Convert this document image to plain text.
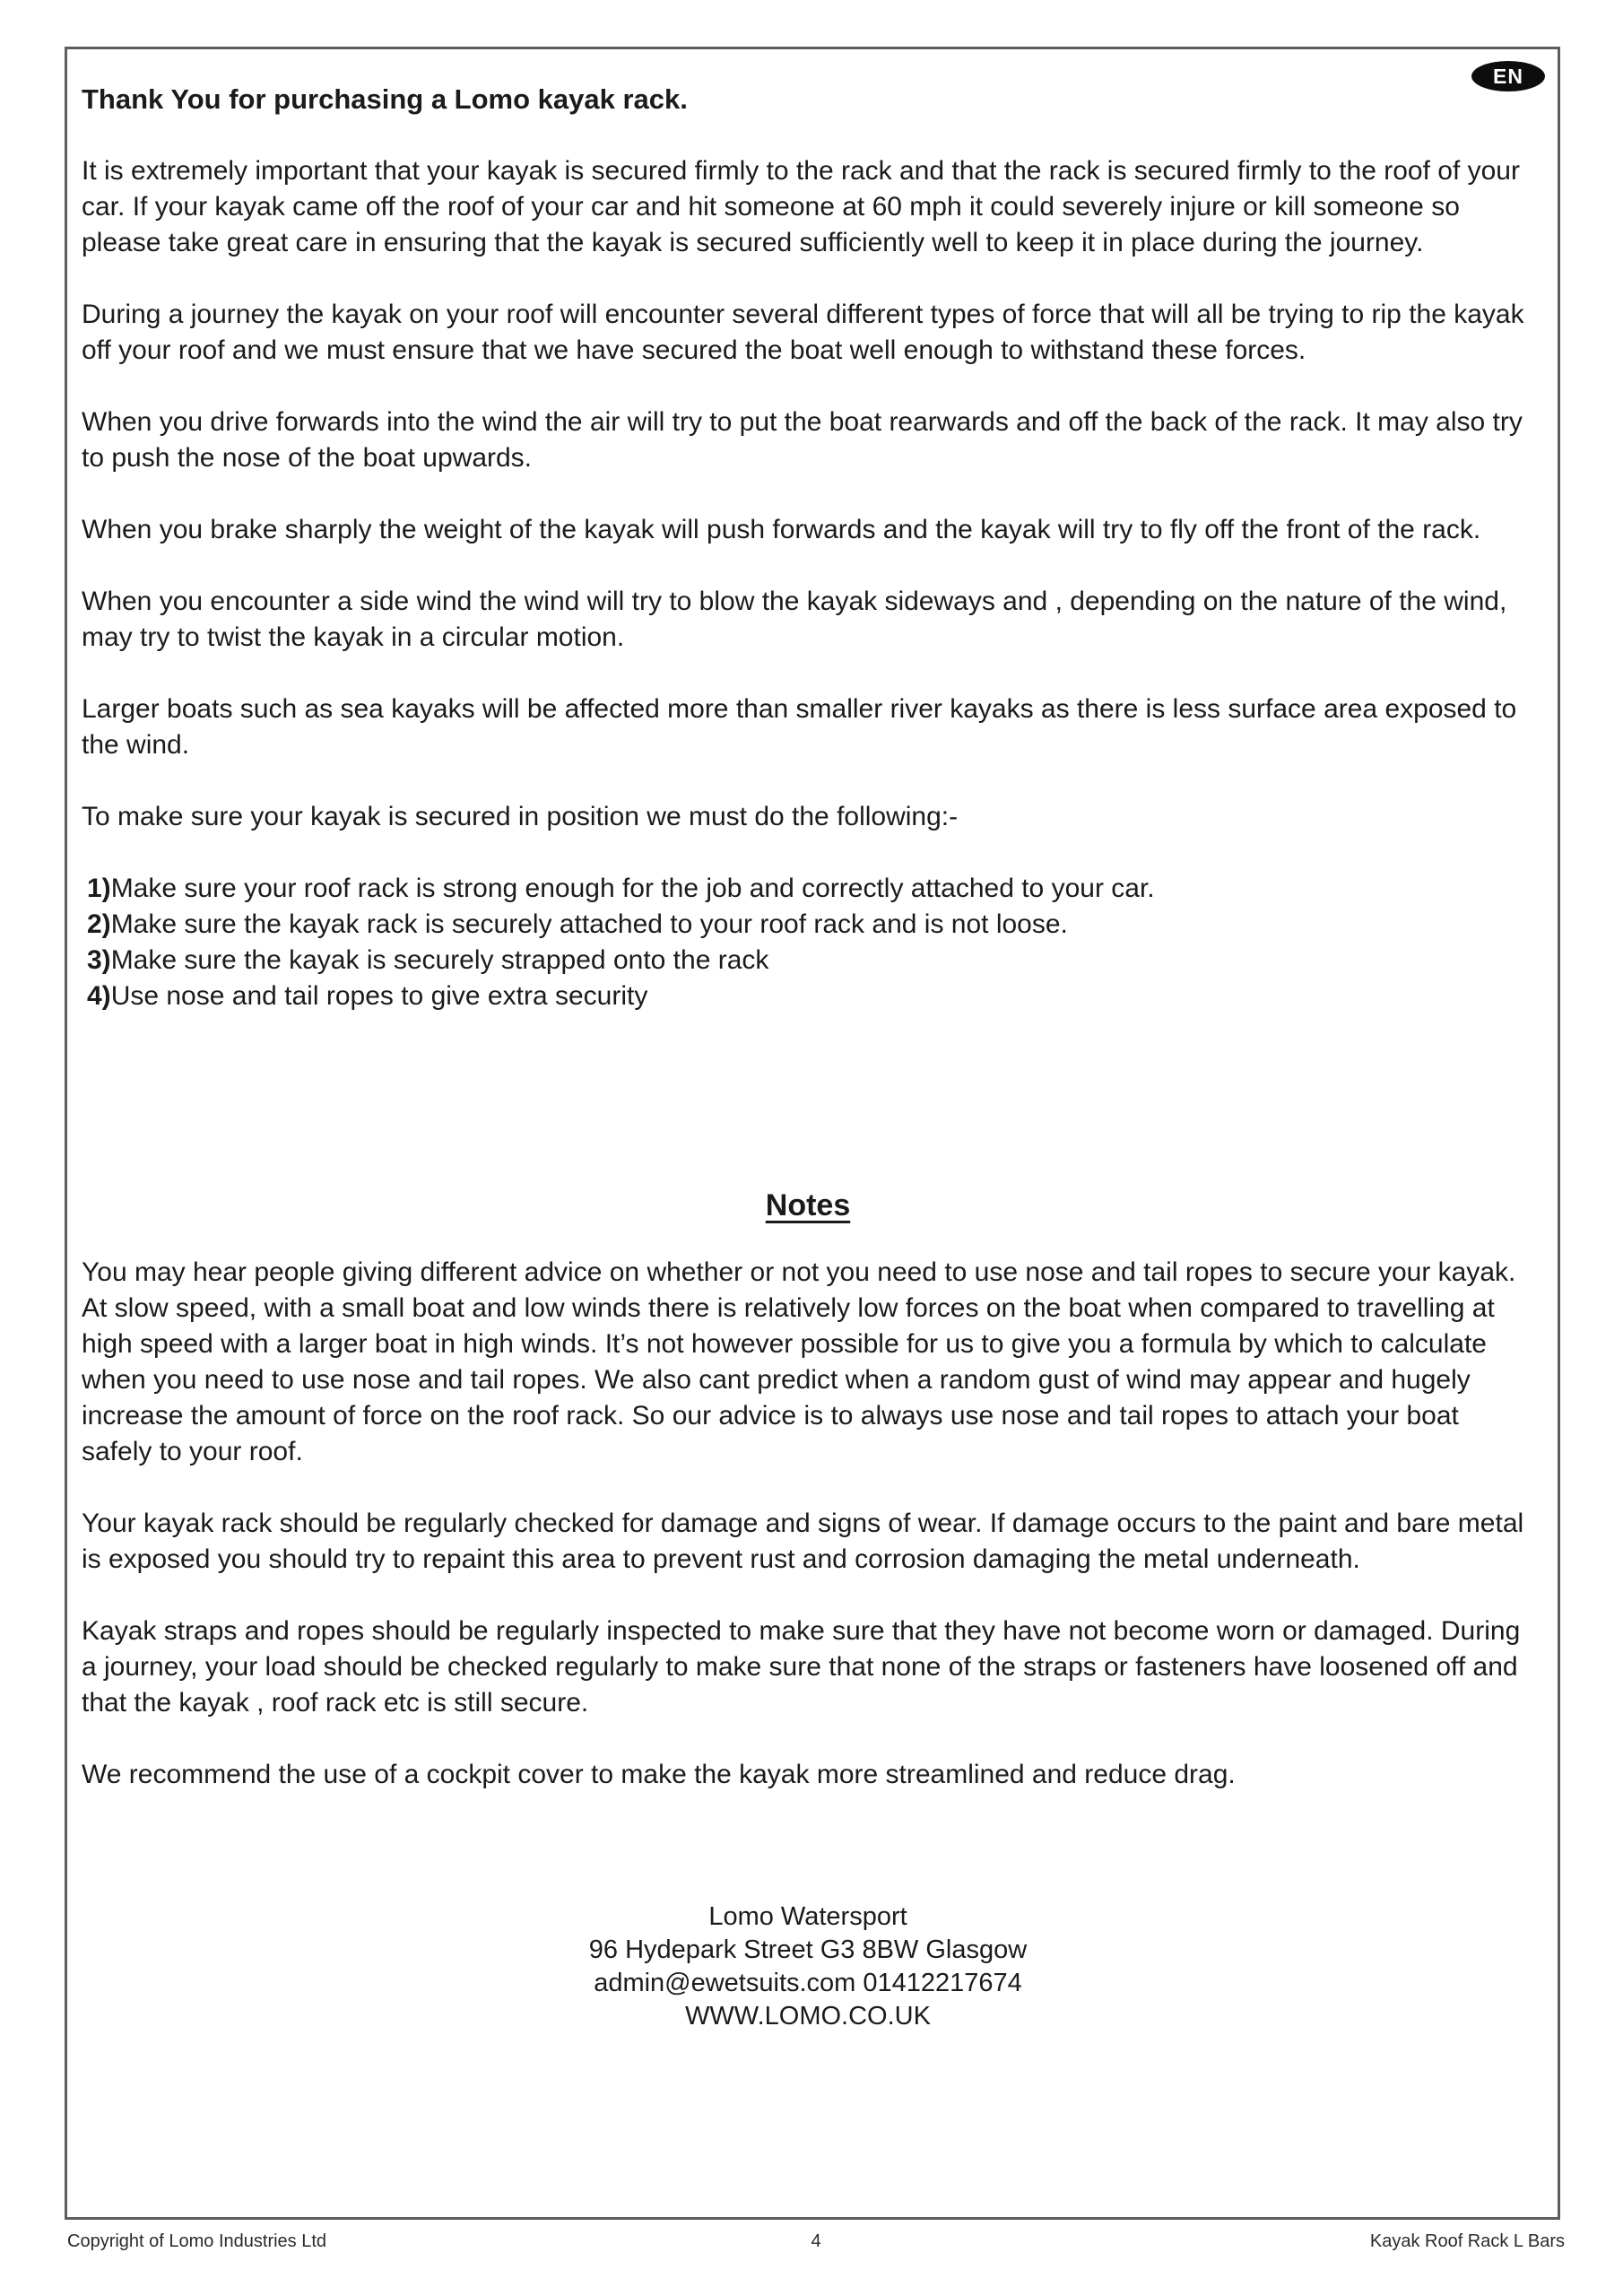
EN
Thank You for purchasing a Lomo kayak rack.

It is extremely important that your kayak is secured firmly to the rack and that the rack is secured firmly to the roof of your car. If your kayak came off the roof of your car and hit someone at 60 mph it could severely injure or kill someone so please take great care in ensuring that the kayak is secured sufficiently well to keep it in place during the journey.

During a journey the kayak on your roof will encounter several different types of force that will all be trying to rip the kayak off your roof and we must ensure that we have secured the boat well enough to withstand these forces.

When you drive forwards into the wind the air will try to put the boat rearwards and off the back of the rack. It may also try to push the nose of the boat upwards.

When you brake sharply the weight of the kayak will push forwards and the kayak will try to fly off the front of the rack.

When you encounter a side wind the wind will try to blow the kayak sideways and , depending on the nature of the wind, may try to twist the kayak in a circular motion.

Larger boats such as sea kayaks will be affected more than smaller river kayaks as there is less surface area exposed to the wind.

To make sure your kayak is secured in position we must do the following:-

1)Make sure your roof rack is strong enough for the job and correctly attached to your car.
2)Make sure the kayak rack is securely attached to your roof rack and is not loose.
3)Make sure the kayak is securely strapped onto the rack
4)Use nose and tail ropes to give extra security
Notes

You may hear people giving different advice on whether or not you need to use nose and tail ropes to secure your kayak. At slow speed, with a small boat and low winds there is relatively low forces on the boat when compared to travelling at high speed with a larger boat in high winds. It’s not however possible for us to give you a formula by which to calculate when you need to use nose and tail ropes. We also cant predict when a random gust of wind may appear and hugely increase the amount of force on the roof rack. So our advice is to always use nose and tail ropes to attach your boat safely to your roof.

Your kayak rack should be regularly checked for damage and signs of wear. If damage occurs to the paint and bare metal is exposed you should try to repaint this area to prevent rust and corrosion damaging the metal underneath.

Kayak straps and ropes should be regularly inspected to make sure that they have not become worn or damaged. During a journey, your load should be checked regularly to make sure that none of the straps or fasteners have loosened off and that the kayak , roof rack etc is still secure.

We recommend the use of a cockpit cover to make the kayak more streamlined and reduce drag.

Lomo Watersport
96 Hydepark Street G3 8BW Glasgow
admin@ewetsuits.com 01412217674
WWW.LOMO.CO.UK
Copyright of Lomo Industries Ltd	4	Kayak Roof Rack L Bars
